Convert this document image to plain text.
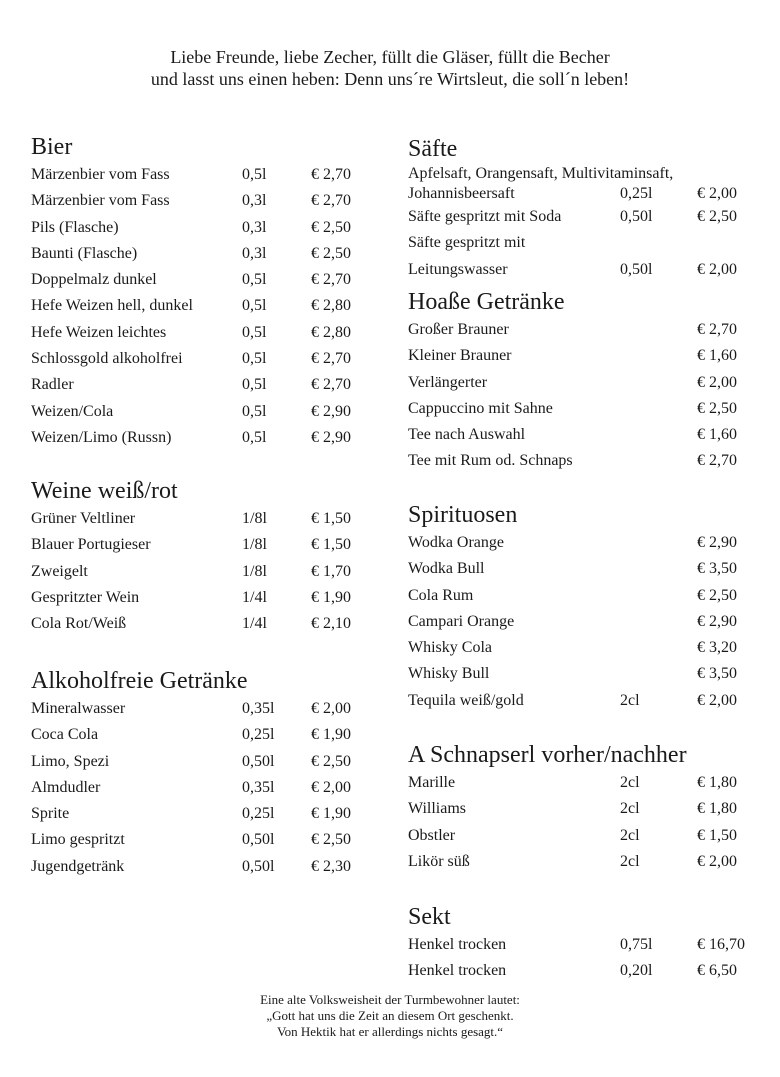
Liebe Freunde, liebe Zecher, füllt die Gläser, füllt die Becher
und lasst uns einen heben: Denn uns´re Wirtsleut, die soll´n leben!
Bier
Märzenbier vom Fass	0,5l	€ 2,70
Märzenbier vom Fass	0,3l	€ 2,70
Pils (Flasche)	0,3l	€ 2,50
Baunti (Flasche)	0,3l	€ 2,50
Doppelmalz dunkel	0,5l	€ 2,70
Hefe Weizen hell, dunkel	0,5l	€ 2,80
Hefe Weizen leichtes	0,5l	€ 2,80
Schlossgold alkoholfrei	0,5l	€ 2,70
Radler	0,5l	€ 2,70
Weizen/Cola	0,5l	€ 2,90
Weizen/Limo (Russn)	0,5l	€ 2,90
Weine weiß/rot
Grüner Veltliner	1/8l	€ 1,50
Blauer Portugieser	1/8l	€ 1,50
Zweigelt	1/8l	€ 1,70
Gespritzter Wein	1/4l	€ 1,90
Cola Rot/Weiß	1/4l	€ 2,10
Alkoholfreie Getränke
Mineralwasser	0,35l € 2,00
Coca Cola	0,25l € 1,90
Limo, Spezi	0,50l € 2,50
Almdudler	0,35l € 2,00
Sprite	0,25l € 1,90
Limo gespritzt	0,50l € 2,50
Jugendgetränk	0,50l € 2,30
Säfte
Apfelsaft, Orangensaft, Multivitaminsaft,
Johannisbeersaft	0,25l	€ 2,00
Säfte gespritzt mit Soda	0,50l	€ 2,50
Säfte gespritzt mit
Leitungswasser	0,50l	€ 2,00
Hoaße Getränke
Großer Brauner	€ 2,70
Kleiner Brauner	€ 1,60
Verlängerter	€ 2,00
Cappuccino mit Sahne	€ 2,50
Tee nach Auswahl	€ 1,60
Tee mit Rum od. Schnaps	€ 2,70
Spirituosen
Wodka Orange	€ 2,90
Wodka Bull	€ 3,50
Cola Rum	€ 2,50
Campari Orange	€ 2,90
Whisky Cola	€ 3,20
Whisky Bull	€ 3,50
Tequila weiß/gold	2cl	€ 2,00
A Schnapserl vorher/nachher
Marille	2cl	€ 1,80
Williams	2cl	€ 1,80
Obstler	2cl	€ 1,50
Likör süß	2cl	€ 2,00
Sekt
Henkel trocken	0,75l	€ 16,70
Henkel trocken	0,20l	€ 6,50
Eine alte Volksweisheit der Turmbewohner lautet:
„Gott hat uns die Zeit an diesem Ort geschenkt.
Von Hektik hat er allerdings nichts gesagt.“
